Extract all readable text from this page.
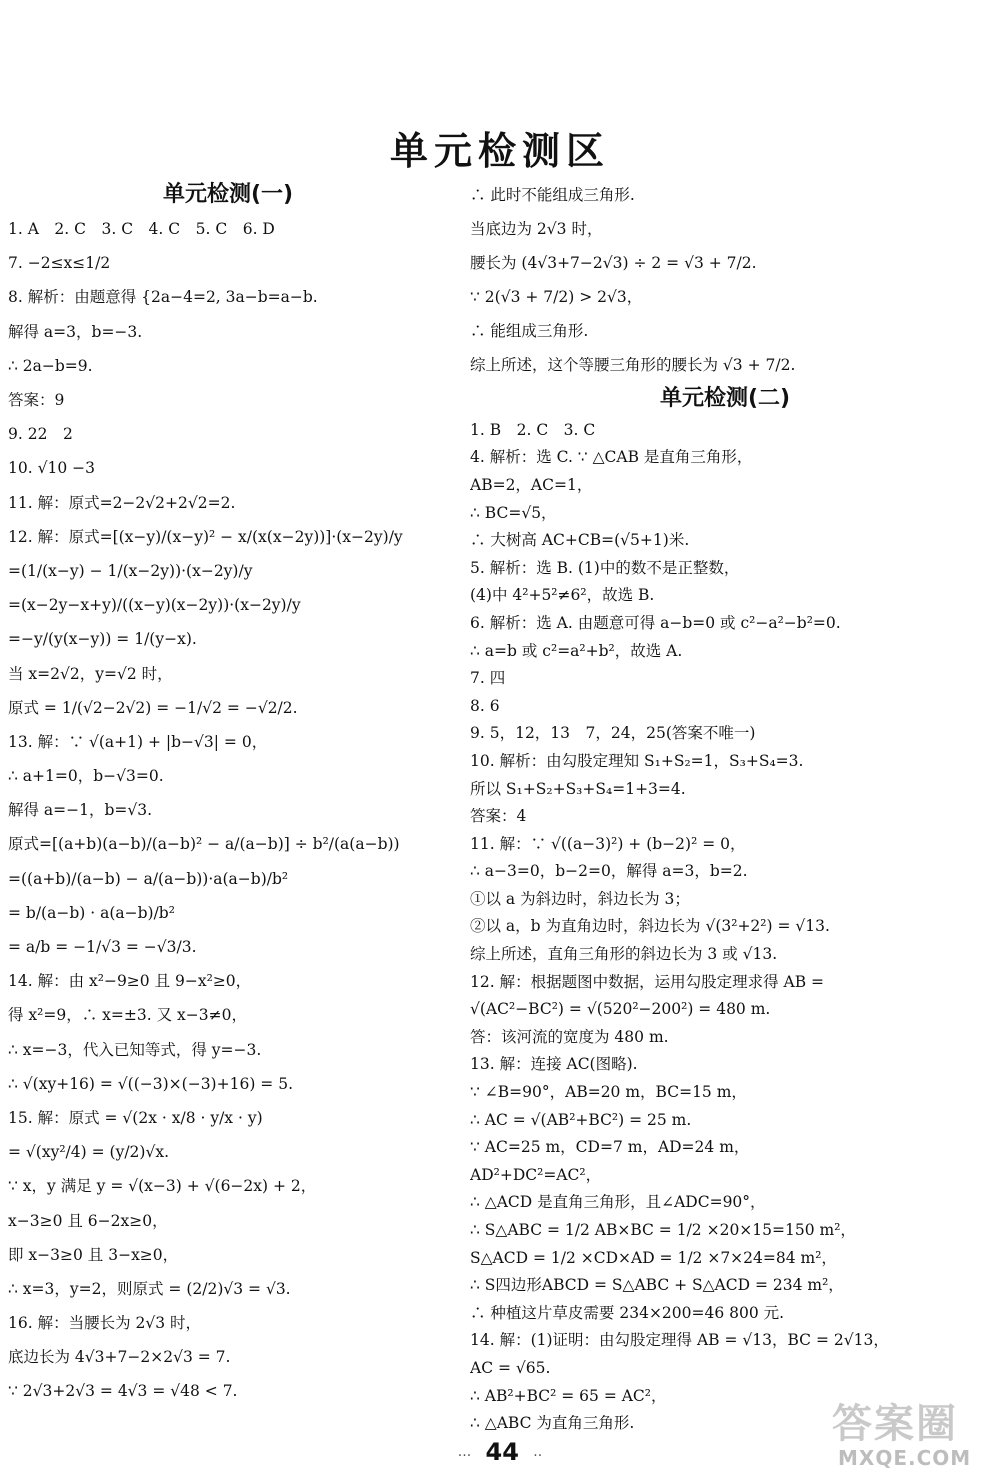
单元检测区
单元检测(一)
1. A　2. C　3. C　4. C　5. C　6. D
7. −2≤x≤1/2
8. 解析：由题意得 {2a−4=2, 3a−b=a−b.
解得 a=3，b=−3.
∴ 2a−b=9.
答案：9
9. 22　2
10. √10 −3
11. 解：原式=2−2√2+2√2=2.
12. 解：原式=[(x−y)/(x−y)² − x/(x(x−2y))]·(x−2y)/y
=(1/(x−y) − 1/(x−2y))·(x−2y)/y
=(x−2y−x+y)/((x−y)(x−2y))·(x−2y)/y
=−y/(y(x−y)) = 1/(y−x).
当 x=2√2，y=√2 时，
原式 = 1/(√2−2√2) = −1/√2 = −√2/2.
13. 解：∵ √(a+1) + |b−√3| = 0，
∴ a+1=0，b−√3=0.
解得 a=−1，b=√3.
原式=[(a+b)(a−b)/(a−b)² − a/(a−b)] ÷ b²/(a(a−b))
=((a+b)/(a−b) − a/(a−b))·a(a−b)/b²
= b/(a−b) · a(a−b)/b²
= a/b = −1/√3 = −√3/3.
14. 解：由 x²−9≥0 且 9−x²≥0，
得 x²=9，∴ x=±3. 又 x−3≠0，
∴ x=−3，代入已知等式，得 y=−3.
∴ √(xy+16) = √((−3)×(−3)+16) = 5.
15. 解：原式 = √(2x · x/8 · y/x · y)
= √(xy²/4) = (y/2)√x.
∵ x，y 满足 y = √(x−3) + √(6−2x) + 2，
x−3≥0 且 6−2x≥0，
即 x−3≥0 且 3−x≥0，
∴ x=3，y=2，则原式 = (2/2)√3 = √3.
16. 解：当腰长为 2√3 时，
底边长为 4√3+7−2×2√3 = 7.
∵ 2√3+2√3 = 4√3 = √48 < 7.
∴ 此时不能组成三角形.
当底边为 2√3 时，
腰长为 (4√3+7−2√3) ÷ 2 = √3 + 7/2.
∵ 2(√3 + 7/2) > 2√3，
∴ 能组成三角形.
综上所述，这个等腰三角形的腰长为 √3 + 7/2.
单元检测(二)
1. B　2. C　3. C
4. 解析：选 C. ∵ △CAB 是直角三角形，
AB=2，AC=1，
∴ BC=√5，
∴ 大树高 AC+CB=(√5+1)米.
5. 解析：选 B. (1)中的数不是正整数，
(4)中 4²+5²≠6²，故选 B.
6. 解析：选 A. 由题意可得 a−b=0 或 c²−a²−b²=0.
∴ a=b 或 c²=a²+b²，故选 A.
7. 四
8. 6
9. 5，12，13　7，24，25(答案不唯一)
10. 解析：由勾股定理知 S₁+S₂=1，S₃+S₄=3.
所以 S₁+S₂+S₃+S₄=1+3=4.
答案：4
11. 解：∵ √((a−3)²) + (b−2)² = 0，
∴ a−3=0，b−2=0，解得 a=3，b=2.
①以 a 为斜边时，斜边长为 3；
②以 a，b 为直角边时，斜边长为 √(3²+2²) = √13.
综上所述，直角三角形的斜边长为 3 或 √13.
12. 解：根据题图中数据，运用勾股定理求得 AB =
√(AC²−BC²) = √(520²−200²) = 480 m.
答：该河流的宽度为 480 m.
13. 解：连接 AC(图略).
∵ ∠B=90°，AB=20 m，BC=15 m，
∴ AC = √(AB²+BC²) = 25 m.
∵ AC=25 m，CD=7 m，AD=24 m，
AD²+DC²=AC²，
∴ △ACD 是直角三角形，且∠ADC=90°，
∴ S△ABC = 1/2 AB×BC = 1/2 ×20×15=150 m²，
S△ACD = 1/2 ×CD×AD = 1/2 ×7×24=84 m²，
∴ S四边形ABCD = S△ABC + S△ACD = 234 m²，
∴ 种植这片草皮需要 234×200=46 800 元.
14. 解：(1)证明：由勾股定理得 AB = √13，BC = 2√13，
AC = √65.
∴ AB²+BC² = 65 = AC²，
∴ △ABC 为直角三角形.
··· 44 ··
答案圈
MXQE.COM
